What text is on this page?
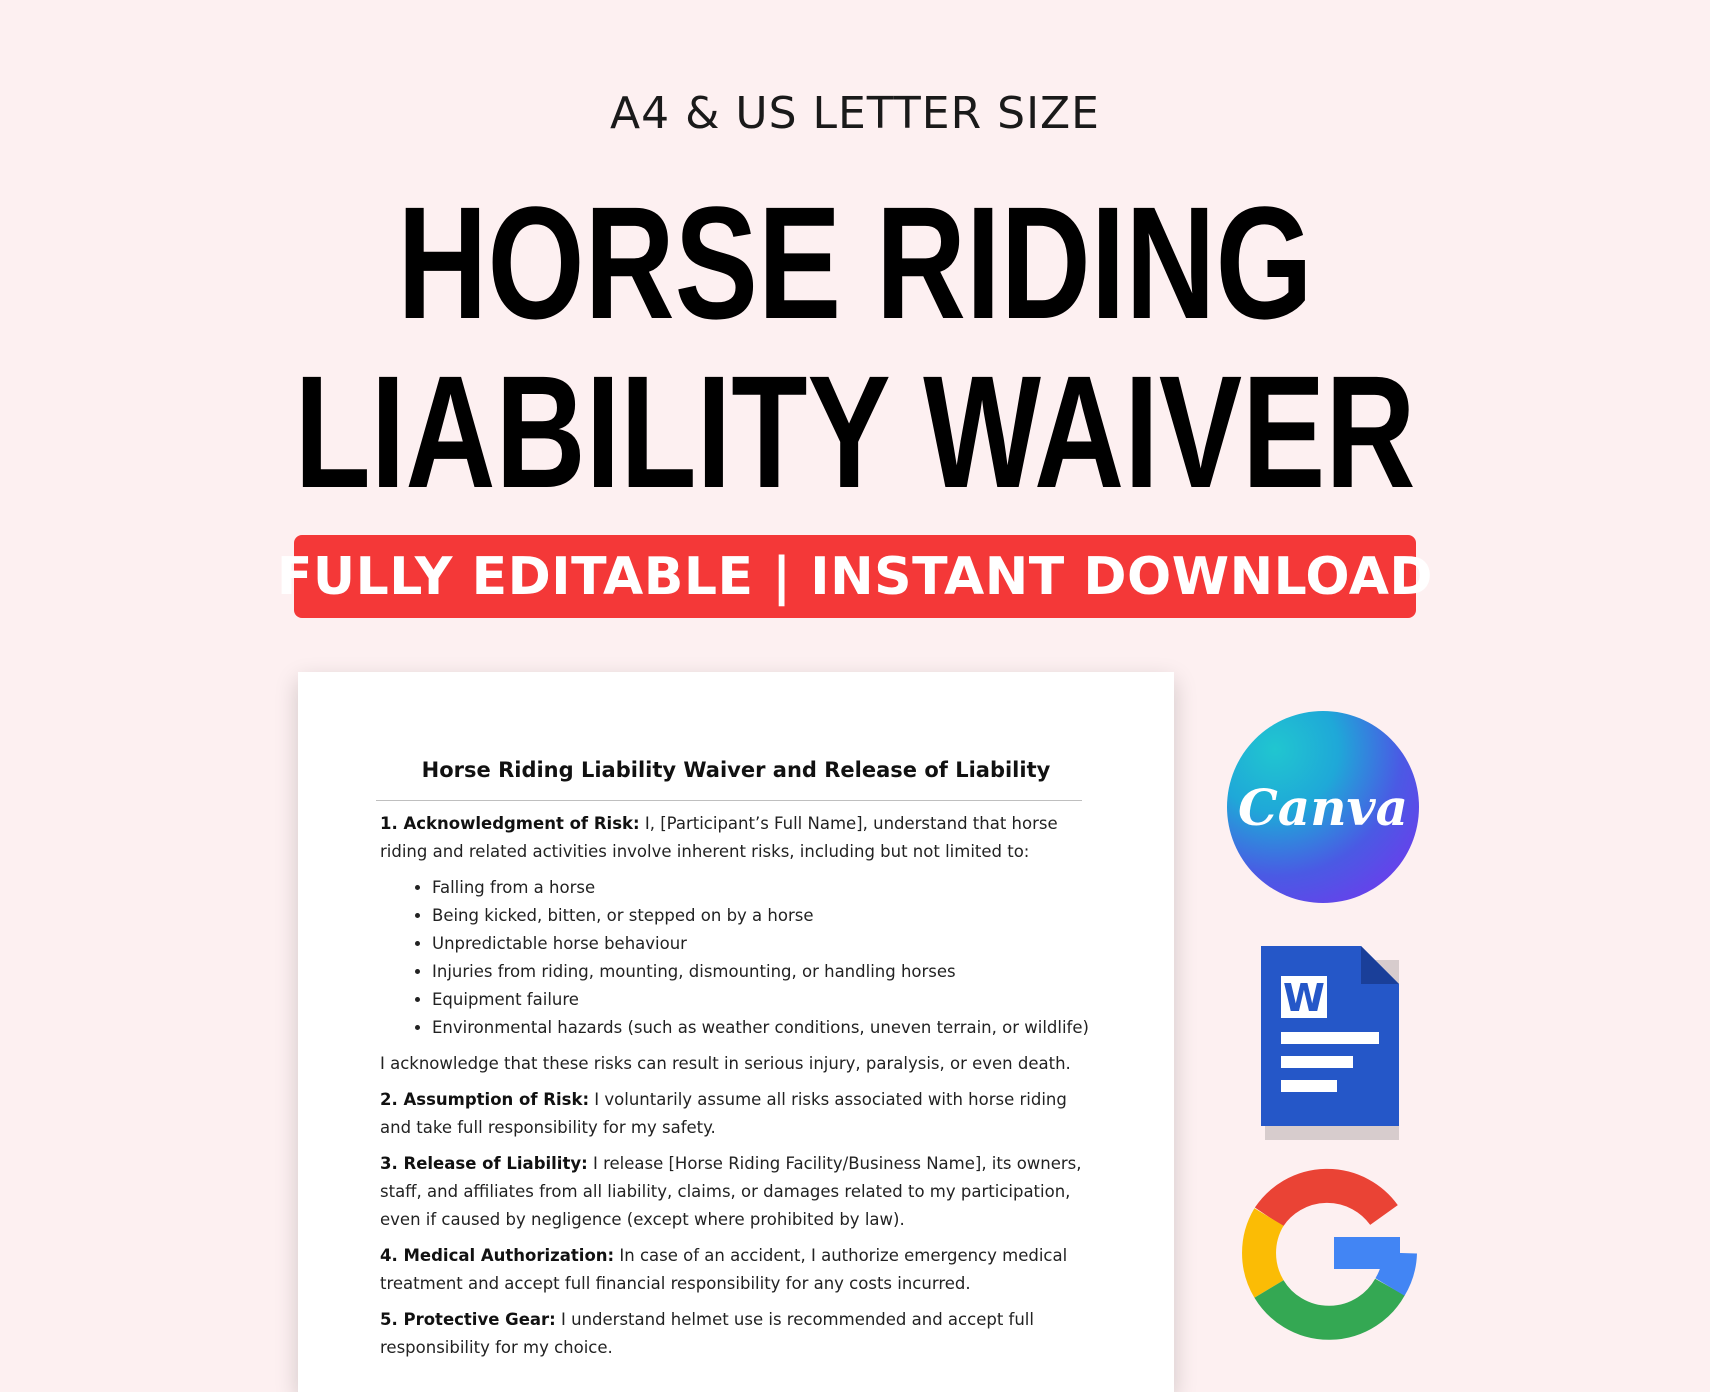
A4 & US LETTER SIZE
HORSE RIDING
LIABILITY WAIVER
FULLY EDITABLE | INSTANT DOWNLOAD
Horse Riding Liability Waiver and Release of Liability

1. Acknowledgment of Risk: I, [Participant’s Full Name], understand that horse riding and related activities involve inherent risks, including but not limited to:

• Falling from a horse
• Being kicked, bitten, or stepped on by a horse
• Unpredictable horse behaviour
• Injuries from riding, mounting, dismounting, or handling horses
• Equipment failure
• Environmental hazards (such as weather conditions, uneven terrain, or wildlife)

I acknowledge that these risks can result in serious injury, paralysis, or even death.

2. Assumption of Risk: I voluntarily assume all risks associated with horse riding and take full responsibility for my safety.

3. Release of Liability: I release [Horse Riding Facility/Business Name], its owners, staff, and affiliates from all liability, claims, or damages related to my participation, even if caused by negligence (except where prohibited by law).

4. Medical Authorization: In case of an accident, I authorize emergency medical treatment and accept full financial responsibility for any costs incurred.

5. Protective Gear: I understand helmet use is recommended and accept full responsibility for my choice.

Canva
W
